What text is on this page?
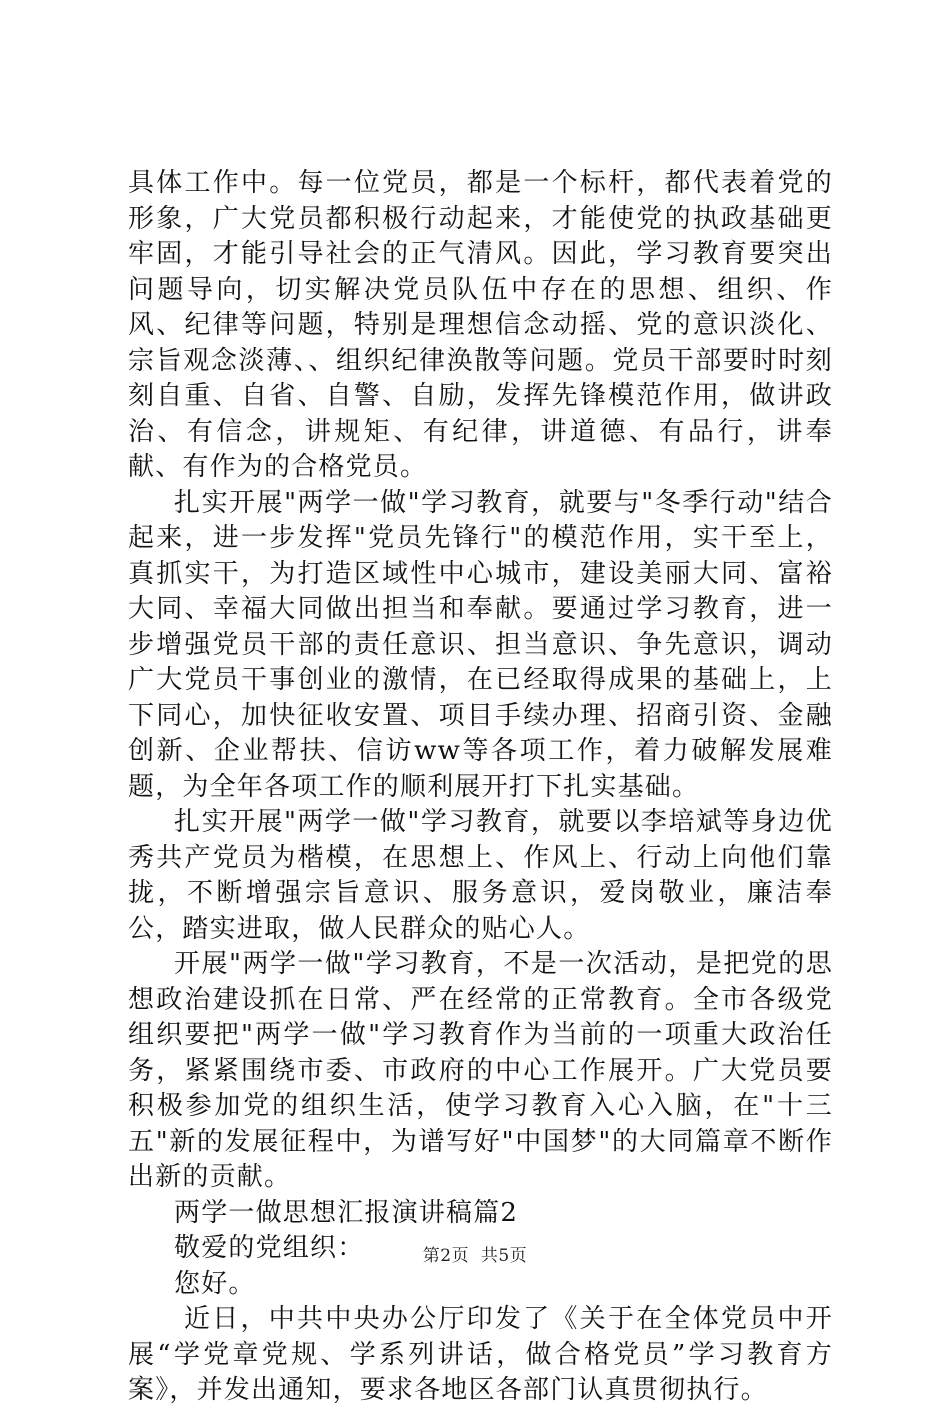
具体工作中。每一位党员，都是一个标杆，都代表着党的形象，广大党员都积极行动起来，才能使党的执政基础更牢固，才能引导社会的正气清风。因此，学习教育要突出问题导向，切实解决党员队伍中存在的思想、组织、作风、纪律等问题，特别是理想信念动摇、党的意识淡化、宗旨观念淡薄、、组织纪律涣散等问题。党员干部要时时刻刻自重、自省、自警、自励，发挥先锋模范作用，做讲政治、有信念，讲规矩、有纪律，讲道德、有品行，讲奉献、有作为的合格党员。

扎实开展"两学一做"学习教育，就要与"冬季行动"结合起来，进一步发挥"党员先锋行"的模范作用，实干至上，真抓实干，为打造区域性中心城市，建设美丽大同、富裕大同、幸福大同做出担当和奉献。要通过学习教育，进一步增强党员干部的责任意识、担当意识、争先意识，调动广大党员干事创业的激情，在已经取得成果的基础上，上下同心，加快征收安置、项目手续办理、招商引资、金融创新、企业帮扶、信访ww等各项工作，着力破解发展难题，为全年各项工作的顺利展开打下扎实基础。

扎实开展"两学一做"学习教育，就要以李培斌等身边优秀共产党员为楷模，在思想上、作风上、行动上向他们靠拢，不断增强宗旨意识、服务意识，爱岗敬业，廉洁奉公，踏实进取，做人民群众的贴心人。

开展"两学一做"学习教育，不是一次活动，是把党的思想政治建设抓在日常、严在经常的正常教育。全市各级党组织要把"两学一做"学习教育作为当前的一项重大政治任务，紧紧围绕市委、市政府的中心工作展开。广大党员要积极参加党的组织生活，使学习教育入心入脑，在"十三五"新的发展征程中，为谱写好"中国梦"的大同篇章不断作出新的贡献。

两学一做思想汇报演讲稿篇2

敬爱的党组织：

您好。

近日，中共中央办公厅印发了《关于在全体党员中开展“学党章党规、学系列讲话，做合格党员”学习教育方案》，并发出通知，要求各地区各部门认真贯彻执行。

第2页  共5页
